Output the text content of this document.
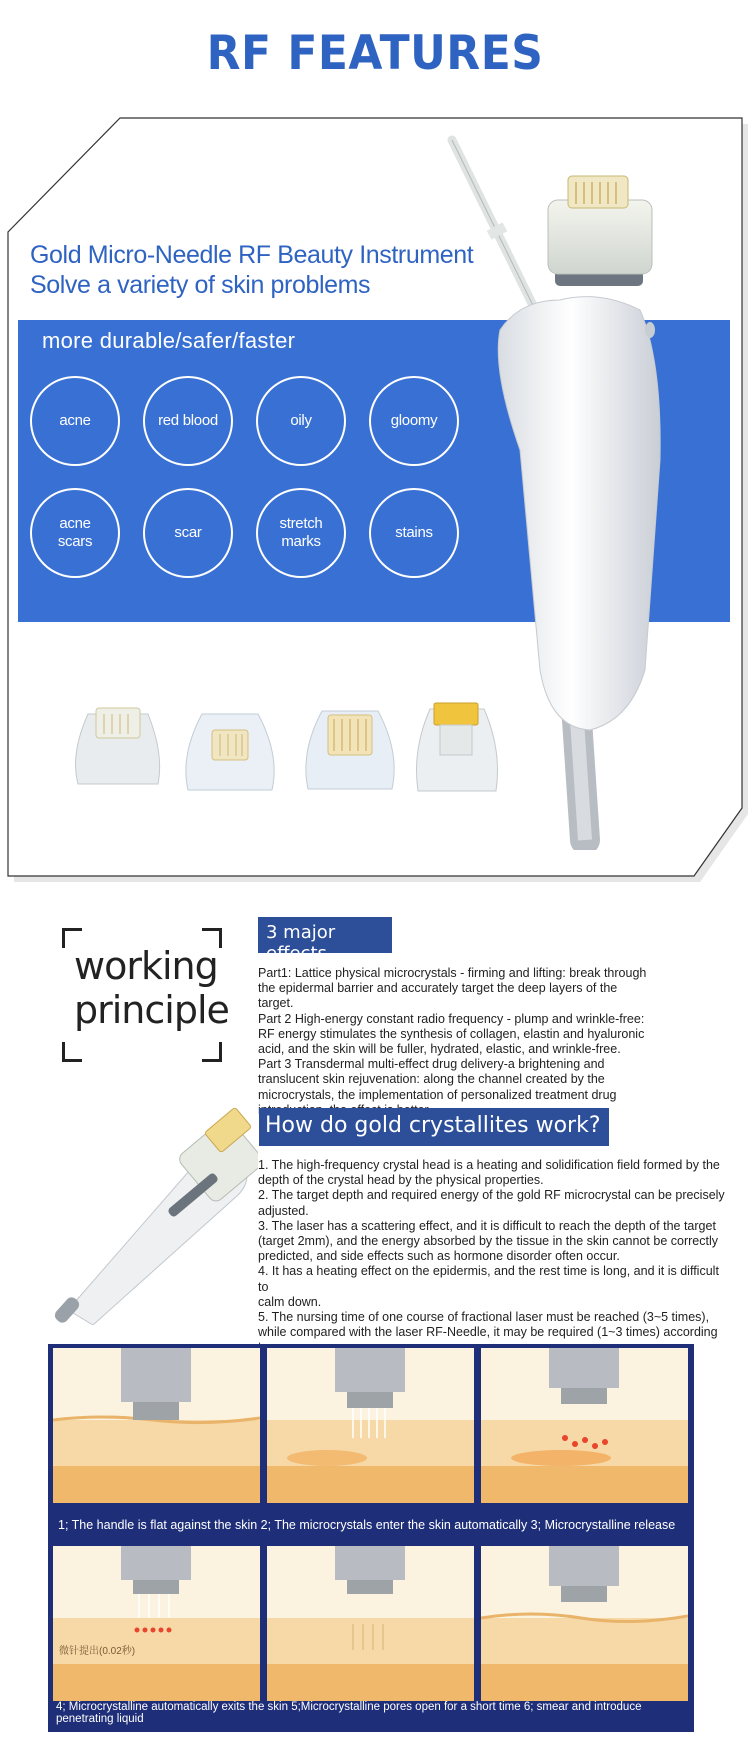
RF FEATURES
Gold Micro-Needle RF Beauty Instrument
Solve a variety of skin problems
more durable/safer/faster
acne	red blood	oily	gloomy
acne scars
scar
stretch marks
stains
working
principle
3 major effects
Part1: Lattice physical microcrystals - firming and lifting: break through
the epidermal barrier and accurately target the deep layers of the target.
Part 2 High-energy constant radio frequency - plump and wrinkle-free:
RF energy stimulates the synthesis of collagen, elastin and hyaluronic
acid, and the skin will be fuller, hydrated, elastic, and wrinkle-free.
Part 3 Transdermal multi-effect drug delivery-a brightening and
translucent skin rejuvenation: along the channel created by the
microcrystals, the implementation of personalized treatment drug
How do gold crystallites work?
1. The high-frequency crystal head is a heating and solidification field formed by the
depth of the crystal head by the physical properties.
2. The target depth and required energy of the gold RF microcrystal can be precisely
adjusted.
3. The laser has a scattering effect, and it is difficult to reach the depth of the target
(target 2mm), and the energy absorbed by the tissue in the skin cannot be correctly
predicted, and side effects such as hormone disorder often occur.
4. It has a heating effect on the epidermis, and the rest time is long, and it is difficult to
calm down.
5. The nursing time of one course of fractional laser must be reached (3~5 times),
while compared with the laser RF-Needle, it may be required (1~3 times) according
1; The handle is flat against the skin 2; The microcrystals enter the skin automatically 3; Microcrystalline release
微针提出(0.02秒)
4; Microcrystalline automatically exits the skin 5;Microcrystalline pores open for a short time 6; smear and introduce penetrating liquid
